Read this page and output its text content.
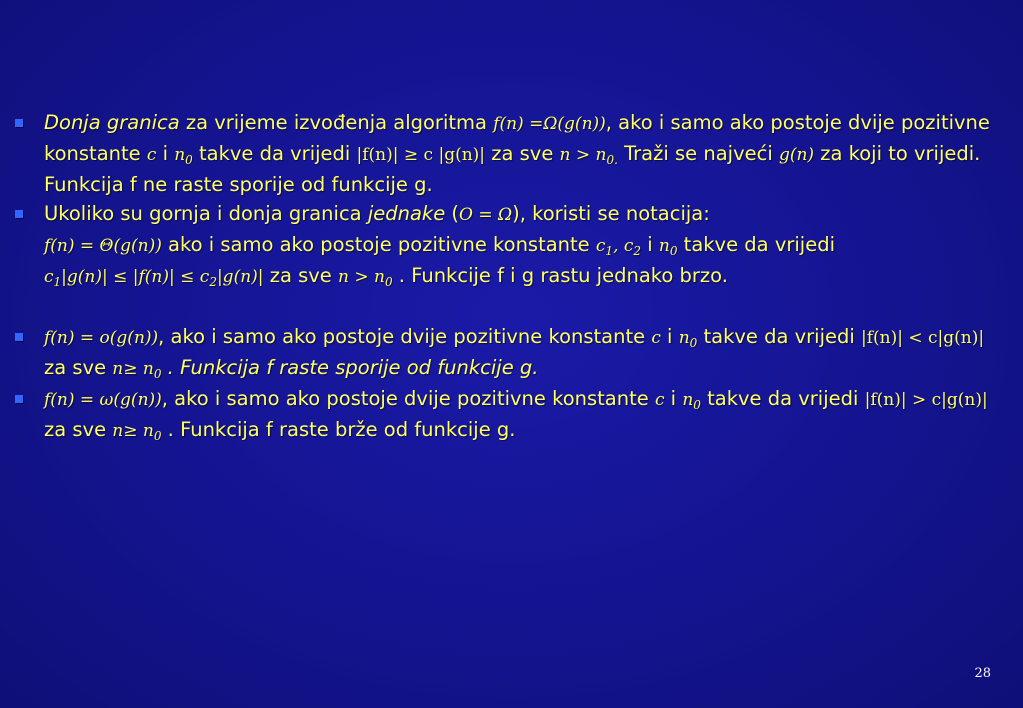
Donja granica za vrijeme izvođenja algoritma f(n) =Ω(g(n)), ako i samo ako postoje dvije pozitivne konstante c i $n_0$ takve da vrijedi |f(n)| ≥ c |g(n)| za sve $n > n_{0.}$ Traži se najveći g(n) za koji to vrijedi. Funkcija f ne raste sporije od funkcije g.
Ukoliko su gornja i donja granica jednake (O = Ω), koristi se notacija:
f(n) = Θ(g(n)) ako i samo ako postoje pozitivne konstante $c_1$, $c_2$ i $n_0$ takve da vrijedi
$c_1|g(n)| \le |f(n)| \le c_2|g(n)|$ za sve $n > n_0$ . Funkcije f i g rastu jednako brzo.
f(n) = o(g(n)), ako i samo ako postoje dvije pozitivne konstante c i $n_0$ takve da vrijedi |f(n)| < c|g(n)| za sve $n\ge n_0$ . Funkcija f raste sporije od funkcije g.
f(n) = ω(g(n)), ako i samo ako postoje dvije pozitivne konstante c i $n_0$ takve da vrijedi |f(n)| > c|g(n)| za sve $n\ge n_0$ . Funkcija f raste brže od funkcije g.
28
